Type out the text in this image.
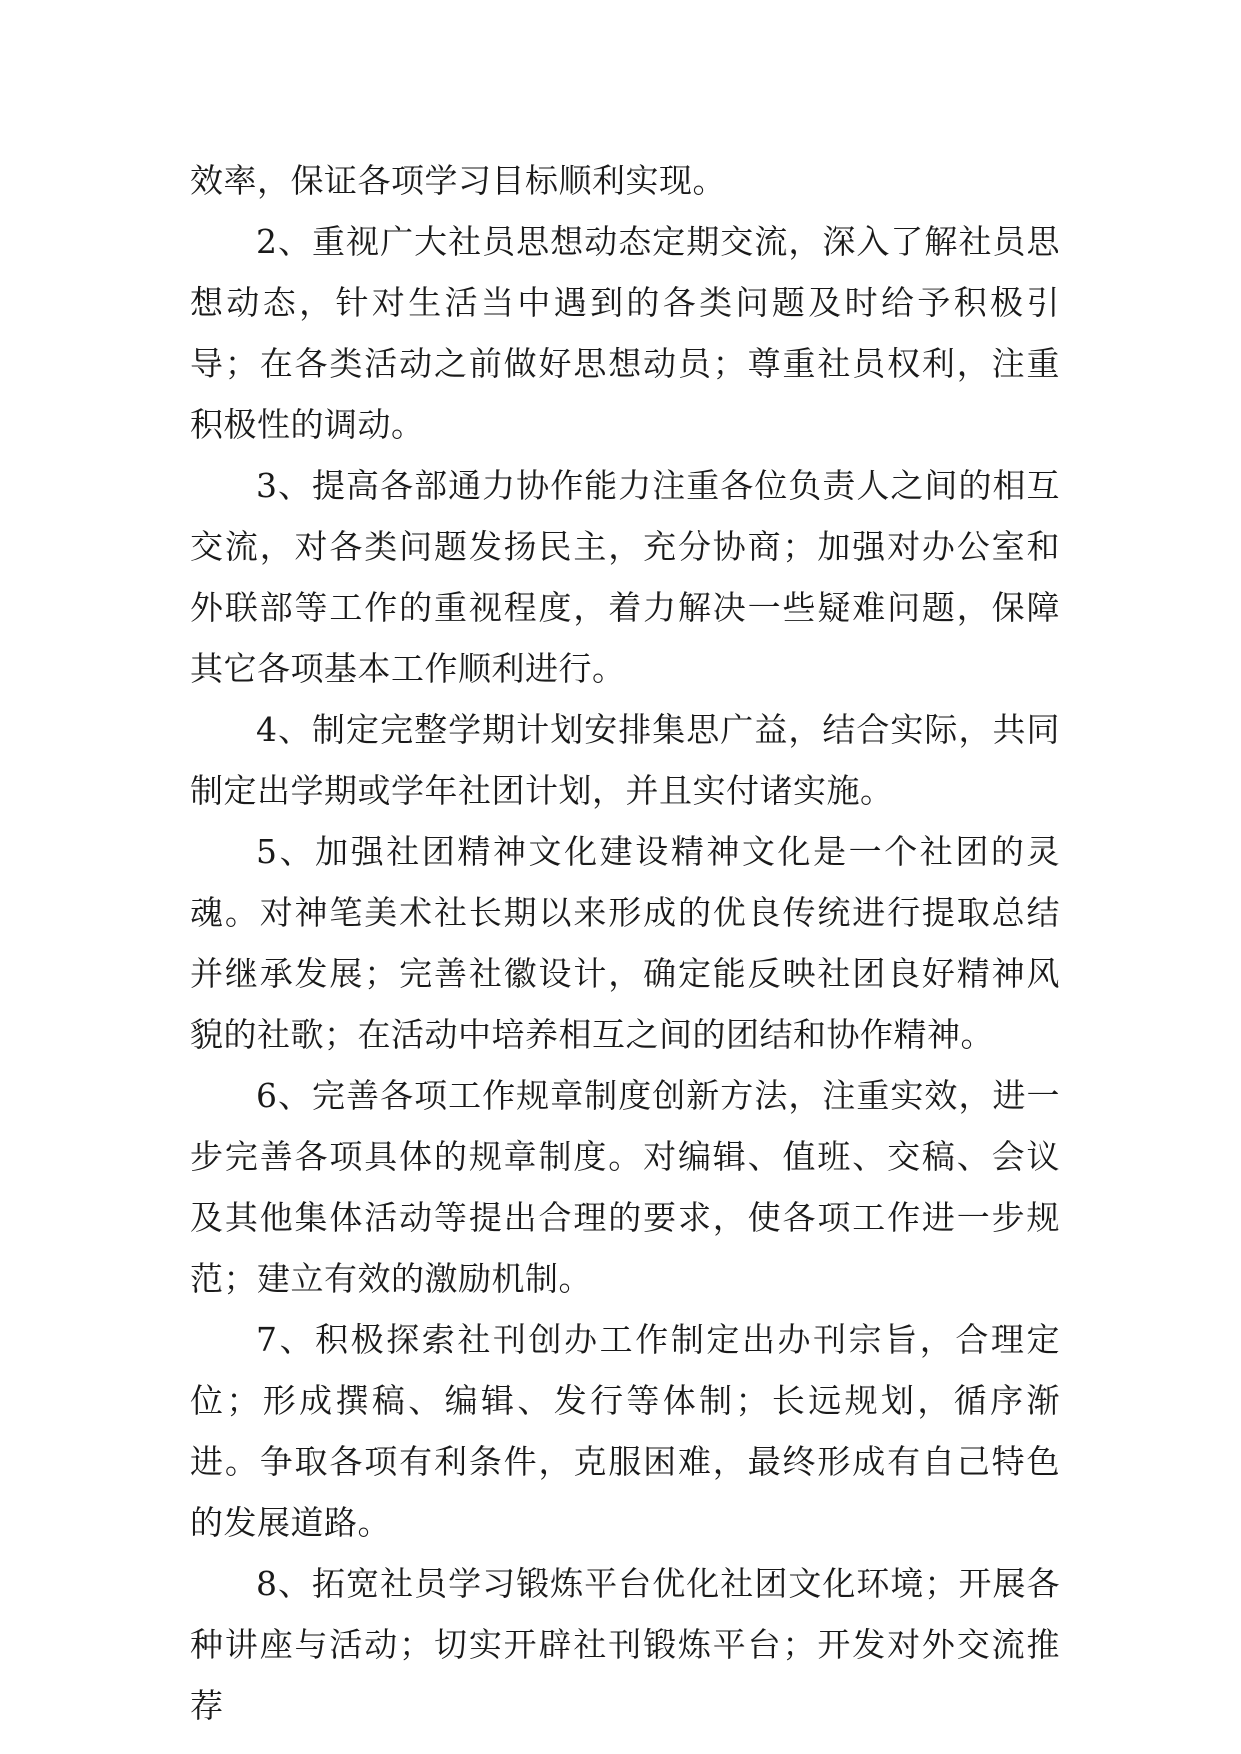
效率，保证各项学习目标顺利实现。

2、重视广大社员思想动态定期交流，深入了解社员思想动态，针对生活当中遇到的各类问题及时给予积极引导；在各类活动之前做好思想动员；尊重社员权利，注重积极性的调动。

3、提高各部通力协作能力注重各位负责人之间的相互交流，对各类问题发扬民主，充分协商；加强对办公室和外联部等工作的重视程度，着力解决一些疑难问题，保障其它各项基本工作顺利进行。

4、制定完整学期计划安排集思广益，结合实际，共同制定出学期或学年社团计划，并且实付诸实施。

5、加强社团精神文化建设精神文化是一个社团的灵魂。对神笔美术社长期以来形成的优良传统进行提取总结并继承发展；完善社徽设计，确定能反映社团良好精神风貌的社歌；在活动中培养相互之间的团结和协作精神。

6、完善各项工作规章制度创新方法，注重实效，进一步完善各项具体的规章制度。对编辑、值班、交稿、会议及其他集体活动等提出合理的要求，使各项工作进一步规范；建立有效的激励机制。

7、积极探索社刊创办工作制定出办刊宗旨，合理定位；形成撰稿、编辑、发行等体制；长远规划，循序渐进。争取各项有利条件，克服困难，最终形成有自己特色的发展道路。

8、拓宽社员学习锻炼平台优化社团文化环境；开展各种讲座与活动；切实开辟社刊锻炼平台；开发对外交流推荐
